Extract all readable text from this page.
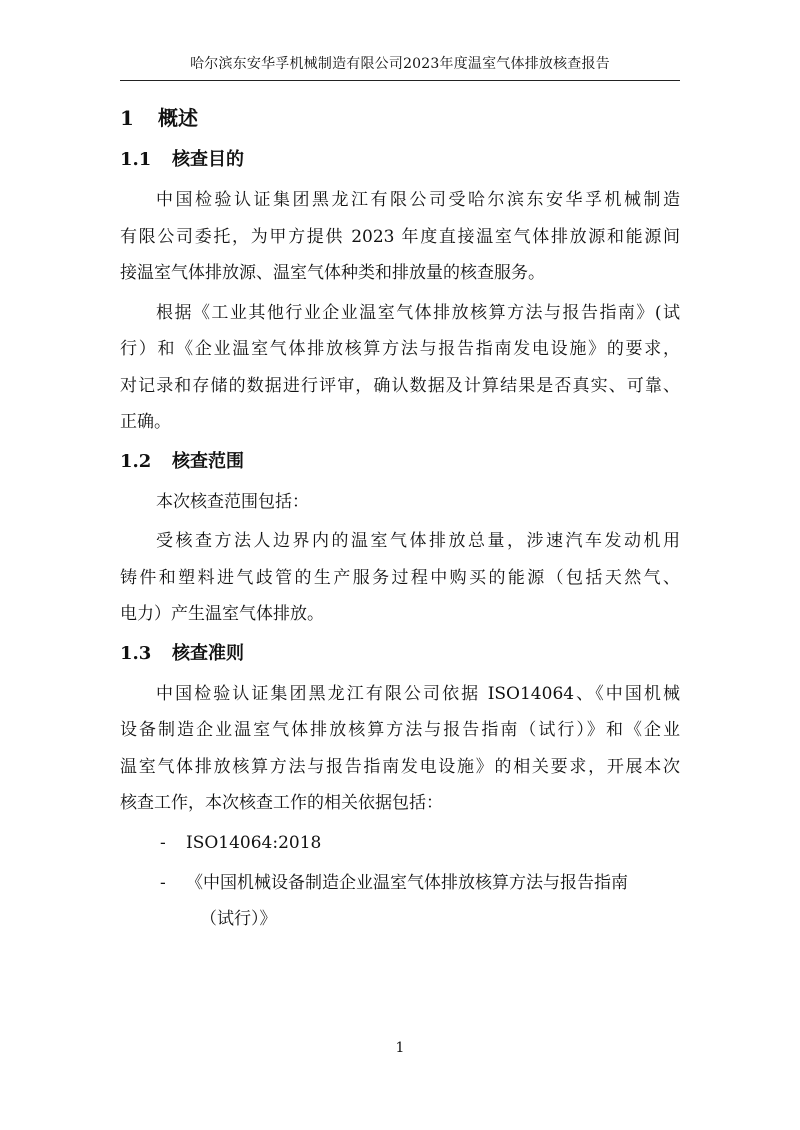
哈尔滨东安华孚机械制造有限公司2023年度温室气体排放核查报告
1 概述
1.1 核查目的
中国检验认证集团黑龙江有限公司受哈尔滨东安华孚机械制造
有限公司委托，为甲方提供 2023 年度直接温室气体排放源和能源间
接温室气体排放源、温室气体种类和排放量的核查服务。
根据《工业其他行业企业温室气体排放核算方法与报告指南》(试
行）和《企业温室气体排放核算方法与报告指南发电设施》的要求，
对记录和存储的数据进行评审，确认数据及计算结果是否真实、可靠、
正确。
1.2 核查范围
本次核查范围包括：
受核查方法人边界内的温室气体排放总量，涉速汽车发动机用
铸件和塑料进气歧管的生产服务过程中购买的能源（包括天然气、
电力）产生温室气体排放。
1.3 核查准则
中国检验认证集团黑龙江有限公司依据 ISO14064、《中国机械
设备制造企业温室气体排放核算方法与报告指南（试行）》和《企业
温室气体排放核算方法与报告指南发电设施》的相关要求，开展本次
核查工作，本次核查工作的相关依据包括：
- ISO14064:2018
- 《中国机械设备制造企业温室气体排放核算方法与报告指南
（试行）》
1
